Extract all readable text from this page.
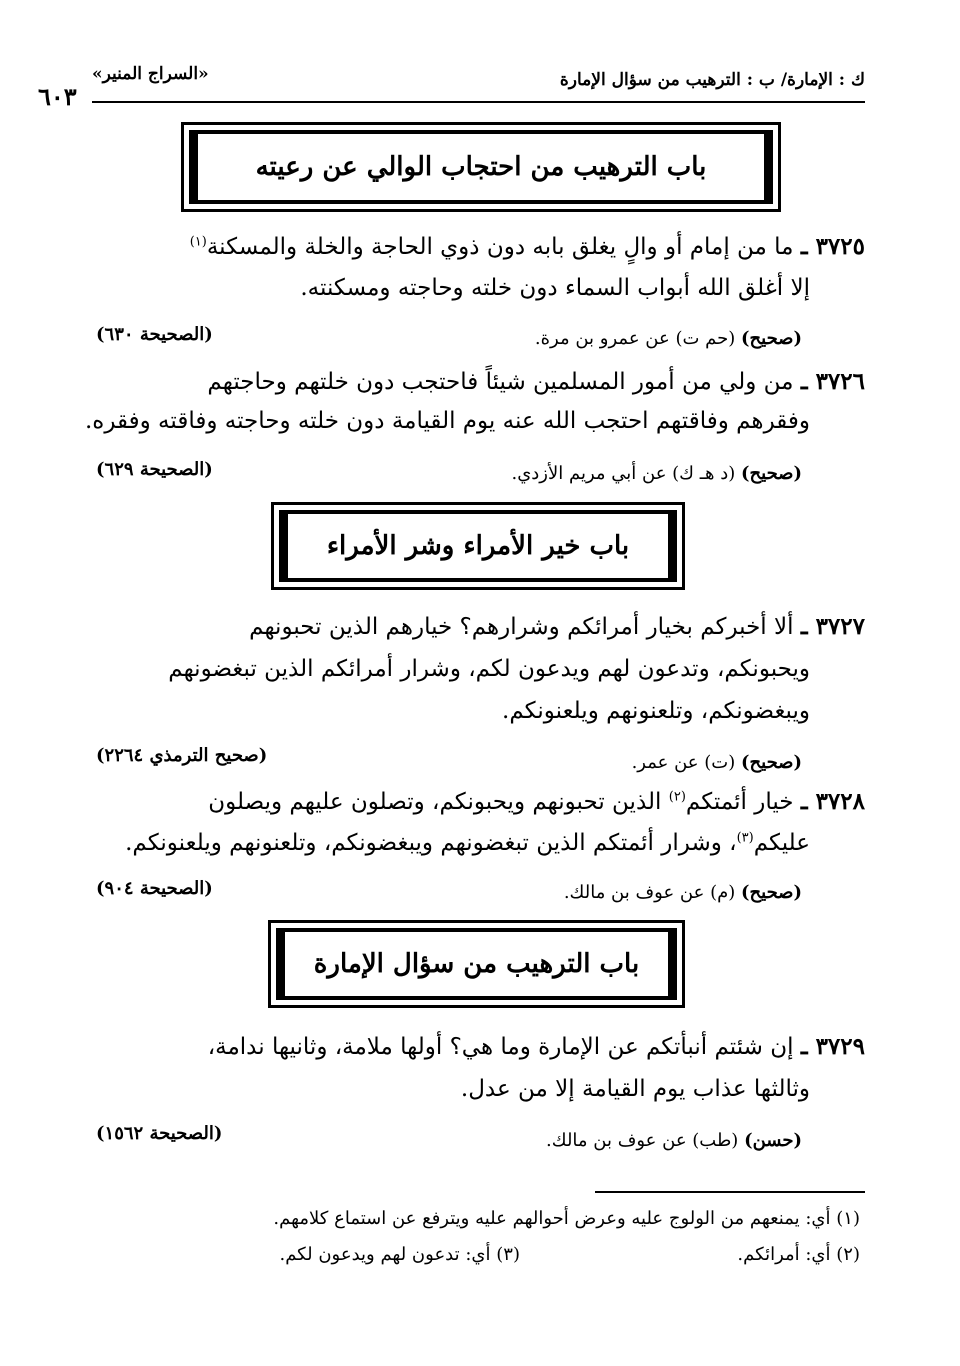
ك : الإمارة/ ب : الترهيب من سؤال الإمارة
«السراج المنير»
٦٠٣
باب الترهيب من احتجاب الوالي عن رعيته
٣٧٢٥ ـ ما من إمام أو والٍ يغلق بابه دون ذوي الحاجة والخلة والمسكنة$^{(١)}$
إلا أغلق الله أبواب السماء دون خلته وحاجته ومسكنته.
(صحيح) (حم ت) عن عمرو بن مرة.
(الصحيحة ٦٣٠)
٣٧٢٦ ـ من ولي من أمور المسلمين شيئاً فاحتجب دون خلتهم وحاجتهم
وفقرهم وفاقتهم احتجب الله عنه يوم القيامة دون خلته وحاجته وفاقته وفقره.
(صحيح) (د هـ ك) عن أبي مريم الأزدي.
(الصحيحة ٦٢٩)
باب خير الأمراء وشر الأمراء
٣٧٢٧ ـ ألا أخبركم بخيار أمرائكم وشرارهم؟ خيارهم الذين تحبونهم
ويحبونكم، وتدعون لهم ويدعون لكم، وشرار أمرائكم الذين تبغضونهم
ويبغضونكم، وتلعنونهم ويلعنونكم.
(صحيح) (ت) عن عمر.
(صحيح الترمذي ٢٢٦٤)
٣٧٢٨ ـ خيار أئمتكم$^{(٢)}$ الذين تحبونهم ويحبونكم، وتصلون عليهم ويصلون
عليكم$^{(٣)}$، وشرار أئمتكم الذين تبغضونهم ويبغضونكم، وتلعنونهم ويلعنونكم.
(صحيح) (م) عن عوف بن مالك.
(الصحيحة ٩٠٤)
باب الترهيب من سؤال الإمارة
٣٧٢٩ ـ إن شئتم أنبأتكم عن الإمارة وما هي؟ أولها ملامة، وثانيها ندامة،
وثالثها عذاب يوم القيامة إلا من عدل.
(حسن) (طب) عن عوف بن مالك.
(الصحيحة ١٥٦٢)
(١) أي: يمنعهم من الولوج عليه وعرض أحوالهم عليه ويترفع عن استماع كلامهم.
(٢) أي: أمرائكم.
(٣) أي: تدعون لهم ويدعون لكم.
